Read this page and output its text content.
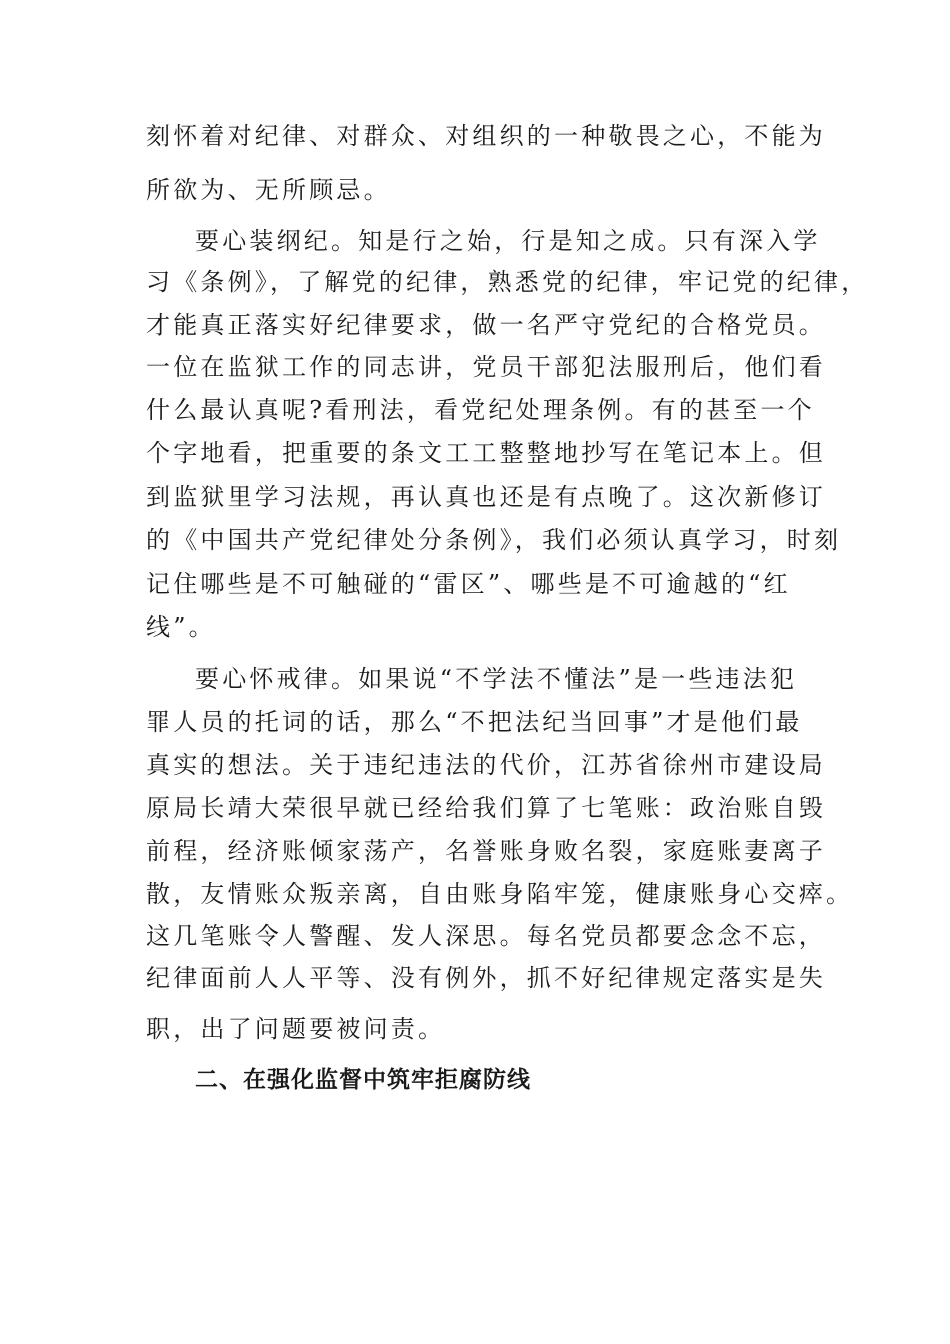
刻怀着对纪律、对群众、对组织的一种敬畏之心，不能为
所欲为、无所顾忌。
要心装纲纪。知是行之始，行是知之成。只有深入学
习《条例》，了解党的纪律，熟悉党的纪律，牢记党的纪律，
才能真正落实好纪律要求，做一名严守党纪的合格党员。
一位在监狱工作的同志讲，党员干部犯法服刑后，他们看
什么最认真呢?看刑法，看党纪处理条例。有的甚至一个
个字地看，把重要的条文工工整整地抄写在笔记本上。但
到监狱里学习法规，再认真也还是有点晚了。这次新修订
的《中国共产党纪律处分条例》，我们必须认真学习，时刻
记住哪些是不可触碰的“雷区”、哪些是不可逾越的“红
线”。
要心怀戒律。如果说“不学法不懂法”是一些违法犯
罪人员的托词的话，那么“不把法纪当回事”才是他们最
真实的想法。关于违纪违法的代价，江苏省徐州市建设局
原局长靖大荣很早就已经给我们算了七笔账：政治账自毁
前程，经济账倾家荡产，名誉账身败名裂，家庭账妻离子
散，友情账众叛亲离，自由账身陷牢笼，健康账身心交瘁。
这几笔账令人警醒、发人深思。每名党员都要念念不忘，
纪律面前人人平等、没有例外，抓不好纪律规定落实是失
职，出了问题要被问责。
二、在强化监督中筑牢拒腐防线
